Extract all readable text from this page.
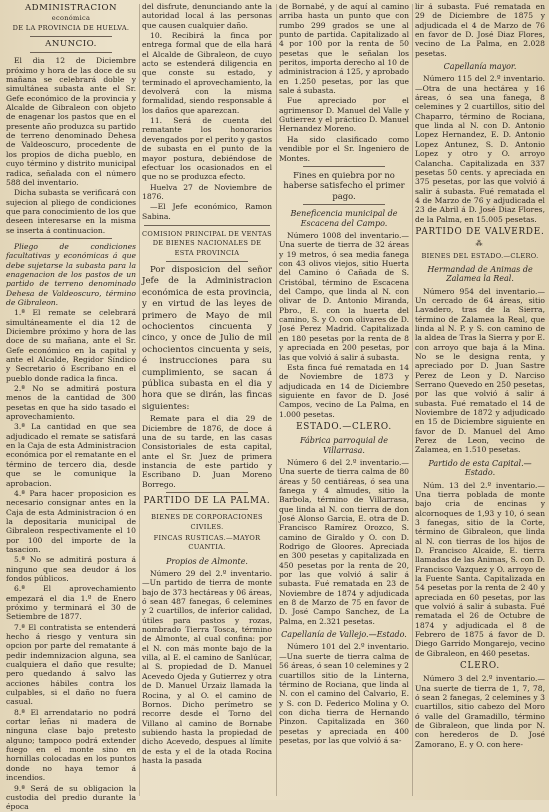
ADMINISTRACION
económica
DE LA PROVINCIA DE HUELVA.
ANUNCIO.

El dia 12 de Diciembre próximo y hora de las doce de su mañana se celebrará doble y simultánea subasta ante el Sr. Gefe económico de la provincia y Alcalde de Gibraleon con objeto de enagenar los pastos que en el presente año produzca su partido de terreno denominado Dehesa de Valdeoscuro, procedente de los propios de dicha pueblo, en cuyo término y distrito municipal radica, señalada con el número 588 del inventario.

Dicha subasta se verificará con sujecion al pliego de condiciones que para conocimiento de los que deseen interesarse en la misma se inserta á continuacion.

Pliego de condiciones facultativas y económicas á que debe sujetarse la subasta para la enagenacion de los pastos de un partido de terreno denominado Dehesa de Valdeoscuro, término de Gibraleon.

1.ª El remate se celebrará simultáneamente el dia 12 de Diciembre próximo y hora de las doce de su mañana, ante el Sr. Gefe económico en la capital y ante el Alcalde, Regidor Síndico y Secretario ó Escribano en el pueblo donde radica la finca.

2.ª No se admitirá postura menos de la cantidad de 300 pesetas en que ha sido tasado el aprovechamiento.

3.ª La cantidad en que sea adjudicado el remate se satisfará en la Caja de esta Administracion económica por el rematante en el término de tercero dia, desde que se le comunique la aprobacion.

4.ª Para hacer proposicion es necesario consignar antes en la Caja de esta Administracion ó en la depositaria municipal de Gibraleon respectivamente el 10 por 100 del importe de la tasacion.

5.ª No se admitirá postura á ninguno que sea deudor á los fondos públicos.

6.ª El aprovechamiento empezará el dia 1.º de Enero próximo y terminará el 30 de Setiembre de 1877.

7.ª El contratista se entenderá hecho á riesgo y ventura sin opcion por parte del rematante á pedir indemnizacion alguna, sea cualquiera el daño que resulte; pero quedando á salvo las acciones hábiles contra los culpables, si el daño no fuera casual.

8.ª El arrendatario no podrá cortar leñas ni madera de ninguna clase bajo pretesto alguno; tampoco podrá extender fuego en el monte sino en hornillas colocadas en los puntos donde no haya temor á incendios.

9.ª Será de su obligacion la custodia del predio durante la época

del disfrute, denunciando ante la autoridad local á las personas que causen cualquier daño.

10. Recibirá la finca por entrega formal que de ella hará el Alcalde de Gibraleon, de cuyo acto se estenderá diligencia en que conste su estado, y terminado el aprovechamiento, la devolverá con la misma formalidad, siendo responsable á los daños que aparezcan.

11. Será de cuenta del rematante los honorarios devengados por el perito y gastos de subasta en el punto de la mayor postura, debiéndose de efectuar los ocasionados en el que no se produzca efecto.

Huelva 27 de Noviembre de 1876.

—El Jefe económico, Ramon Sabina.

COMISION PRINCIPAL DE VENTAS DE BIENES NACIONALES DE ESTA PROVINCIA

Por disposicion del señor Jefe de la Administracion económica de esta provincia, y en virtud de las leyes de primero de Mayo de mil ochocientos cincuenta y cinco, y once de Julio de mil ochocientos cincuenta y seis, é instrucciones para su cumplimiento, se sacan á pública subasta en el dia y hora que se dirán, las fincas siguientes:

Remate para el dia 29 de Diciembre de 1876, de doce á una de su tarde, en las casas Consistoriales de esta capital, ante el Sr. Juez de primera instancia de este partido y Escribano D. Juan Moreno Borrego.

PARTIDO DE LA PALMA.
BIENES DE CORPORACIONES CIVILES.
FINCAS RUSTICAS.—MAYOR CUANTIA.
Propios de Almonte.

Número 29 del 2.º inventario.—Un partido de tierra de monte bajo de 373 hectáreas y 06 áreas, ó sean 487 fanegas, 6 celemines y 2 cuartillos, de inferior calidad, útiles para pastos y rozas, nombrado Tierra Tosca, término de Almonte, al cual confina: por el N. con más monte bajo de la villa, al E. el camino de Sanlúcar, al S. propiedad de D. Manuel Acevedo Ojeda y Gutierrez y otra de D. Manuel Urzaiz llamada la Rocina, y al O. el camino de Bornos. Dicho perímetro se recorre desde el Torno del Villano al camino de Bornabe subiendo hasta la propiedad de dicho Acevedo, despues al límite de esta y el de la otada Rocina hasta la pasada

de Bornabé, y de aquí al camino arriba hasta un punto que con rumbo 299 grados se une al punto de partida. Capitalizado al 4 por 100 por la renta de 50 pesetas que le señalan los peritos, importa derecho al 10 de administracion á 125, y aprobado en 1.250 pesetas, por las que sale á subasta.

Fue apreciado por el agrimensor D. Manuel del Valle y Gutierrez y el práctico D. Manuel Hernandez Moreno.

Ha sido clasificado como vendible por el Sr. Ingeniero de Montes.

Fines en quiebra por no haberse satisfecho el primer pago.

Beneficencia municipal de Escacena del Campo.

Número 1008 del inventario.—Una suerte de tierra de 32 áreas y 19 metros, ó sea media fanega con 43 olivos viejos, sitio Huerta del Camino ó Cañada de S. Cristóbal, término de Escacena del Campo, que linda al N. con olivar de D. Antonio Miranda, Pbro., E. con la huerta del camino, S. y O. con olivares de D. José Perez Madrid. Capitalizada en 180 pesetas por la renta de 8 y apreciada en 200 pesetas, por las que volvió á salir á subasta.

Esta finca fué rematada en 14 de Noviembre de 1873 y adjudicada en 14 de Diciembre siguiente en favor de D. José Campos, vecino de La Palma, en 1.000 pesetas.

ESTADO.—CLERO.
Fábrica parroquial de Villarrasa.

Número 6 del 2.º inventario.—Una suerte de tierra calma de 80 áreas y 50 centiáreas, ó sea una fanega y 4 almudes, sitio la Barbola, término de Villarrasa, que linda al N. con tierra de don José Alonso Garcia, E. otra de D. Francisco Ramírez Orozco, S. camino de Giraldo y O. con D. Rodrigo de Gloores. Apreciada en 300 pesetas y capitalizada en 450 pesetas por la renta de 20, por las que volvió á salir á subasta. Fué rematada en 23 de Noviembre de 1874 y adjudicada en 8 de Marzo de 75 en favor de D. José Campo Sanchez, de La Palma, en 2.321 pesetas.

Capellanía de Vallejo.—Estado.

Número 101 del 2.º inventario.—Una suerte de tierra calma de 56 áreas, ó sean 10 celemines y 2 cuartillos sitio de la Linterna, término de Rociana, que linda al N. con el camino del Calvario, E. y S. con D. Federico Molina y O. con dicha tierra de Hernando Pinzon. Capitalizada en 360 pesetas y apreciada en 400 pesetas, por las que volvió á sa-

lir á subasta. Fué rematada en 29 de Diciembre de 1875 y adjudicada el 4 de Marzo de 76 en favor de D. José Diaz Flores, vecino de La Palma, en 2.028 pesetas.

Capellanía mayor.

Número 115 del 2.º inventario.—Otra de una hectárea y 16 áreas, ó sea una fanega, 8 celemines y 2 cuartillos, sitio del Chaparro, término de Rociana, que linda al N. con D. Antonio Lopez Hernandez, E. D. Antonio Lopez Antunez, S. D. Antonio Lopez y otro y O. arroyo Calancha. Capitalizada en 337 pesetas 50 cents. y apreciada en 375 pesetas, por las que volvió á salir á subasta. Fué rematada el 4 de Marzo de 76 y adjudicada el 23 de Abril á D. José Diaz Flores, de la Palma, en 15.005 pesetas.

PARTIDO DE VALVERDE.
⁂
BIENES DEL ESTADO.—CLERO.
Hermandad de Animas de Zalamea la Real.

Número 954 del inventario.—Un cercado de 64 áreas, sitio Lavadero, tras de la Sierra, término de Zalamea la Real, que linda al N. P. y S. con camino de la aldea de Tras la Sierra y por E. con arroyo que baja á la Mina. No se le designa renta, y apreciado por D. Juan Sastre Perez de Leon y D. Narciso Serrano Quevedo en 250 pesetas, por las que volvió á salir á subasta. Fué rematado el 14 de Noviembre de 1872 y adjudicado en 15 de Diciembre siguiente en favor de D. Manuel del Amo Perez de Leon, vecino de Zalamea, en 1.510 pesetas.

Partido de esta Capital.—Estado.

Núm. 13 del 2.º inventario.—Una tierra poblada de monte bajo cria de encinas y alcornoques de 1,93 y 10, ó sean 3 fanegas, sitio de la Corte, término de Gibraleon, que linda al N. con tierras de los hijos de D. Francisco Alcaide, E. tierra llamadas de las Animas, S. con D. Francisco Vazquez y O. arroyo de la Fuente Santa. Capitalizada en 54 pesetas por la renta de 2 40 y apreciada en 60 pesetas, por las que volvió á salir á subasta. Fué rematada el 26 de Octubre de 1874 y adjudicada el 8 de Febrero de 1875 á favor de D. Diego Garrido Mongarejo, vecino de Gibraleon, en 460 pesetas.

CLERO.

Número 3 del 2.º inventario.—Una suerte de tierra de 1, 7, 78, ó sean 2 fanegas, 2 celemines y 3 cuartillos, sitio cabezo del Moro ó valle del Gramadillo, término de Gibraleon, que linda por N. con herederos de D. José Zamorano, E. y O. con here-
